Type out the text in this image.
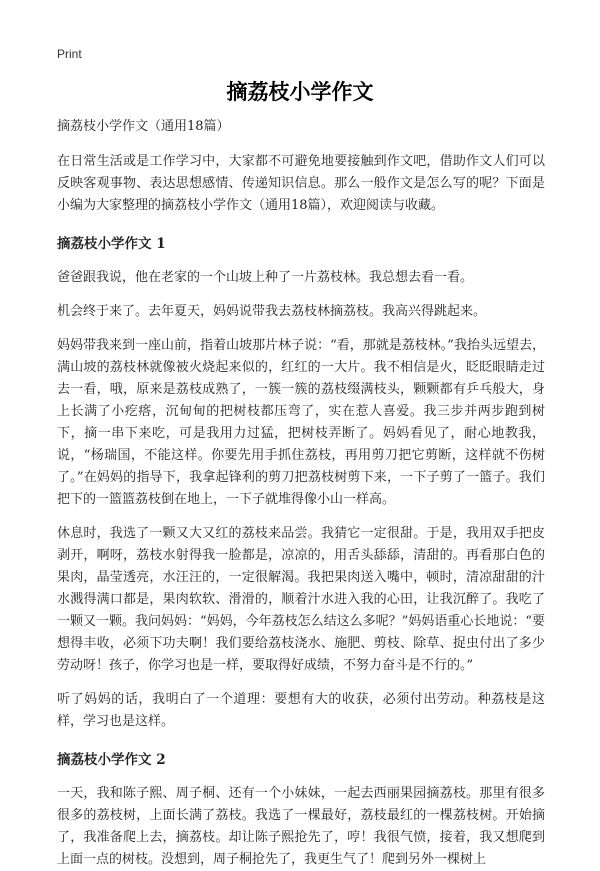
Print
摘荔枝小学作文

摘荔枝小学作文（通用18篇）

在日常生活或是工作学习中，大家都不可避免地要接触到作文吧，借助作文人们可以反映客观事物、表达思想感情、传递知识信息。那么一般作文是怎么写的呢？下面是小编为大家整理的摘荔枝小学作文（通用18篇），欢迎阅读与收藏。

摘荔枝小学作文 1

爸爸跟我说，他在老家的一个山坡上种了一片荔枝林。我总想去看一看。

机会终于来了。去年夏天，妈妈说带我去荔枝林摘荔枝。我高兴得跳起来。

妈妈带我来到一座山前，指着山坡那片林子说：“看，那就是荔枝林。”我抬头远望去，满山坡的荔枝林就像被火烧起来似的，红红的一大片。我不相信是火，眨眨眼睛走过去一看，哦，原来是荔枝成熟了，一簇一簇的荔枝缀满枝头，颗颗都有乒乓般大，身上长满了小疙瘩，沉甸甸的把树枝都压弯了，实在惹人喜爱。我三步并两步跑到树下，摘一串下来吃，可是我用力过猛，把树枝弄断了。妈妈看见了，耐心地教我，说，“杨瑞国，不能这样。你要先用手抓住荔枝，再用剪刀把它剪断，这样就不伤树了。”在妈妈的指导下，我拿起锋利的剪刀把荔枝树剪下来，一下子剪了一篮子。我们把下的一篮篮荔枝倒在地上，一下子就堆得像小山一样高。

休息时，我选了一颗又大又红的荔枝来品尝。我猜它一定很甜。于是，我用双手把皮剥开，啊呀，荔枝水射得我一脸都是，凉凉的，用舌头舔舔，清甜的。再看那白色的果肉，晶莹透亮，水汪汪的，一定很解渴。我把果肉送入嘴中，顿时，清凉甜甜的汁水溅得满口都是，果肉软软、滑滑的，顺着汁水进入我的心田，让我沉醉了。我吃了一颗又一颗。我问妈妈：“妈妈，今年荔枝怎么结这么多呢？”妈妈语重心长地说：“要想得丰收，必须下功夫啊！我们要给荔枝浇水、施肥、剪枝、除草、捉虫付出了多少劳动呀！孩子，你学习也是一样，要取得好成绩，不努力奋斗是不行的。”

听了妈妈的话，我明白了一个道理：要想有大的收获，必须付出劳动。种荔枝是这样，学习也是这样。

摘荔枝小学作文 2

一天，我和陈子熙、周子桐、还有一个小妹妹，一起去西丽果园摘荔枝。那里有很多很多的荔枝树，上面长满了荔枝。我选了一棵最好，荔枝最红的一棵荔枝树。开始摘了，我准备爬上去，摘荔枝。却让陈子熙抢先了，哼！我很气愤，接着，我又想爬到上面一点的树枝。没想到，周子桐抢先了，我更生气了！爬到另外一棵树上
